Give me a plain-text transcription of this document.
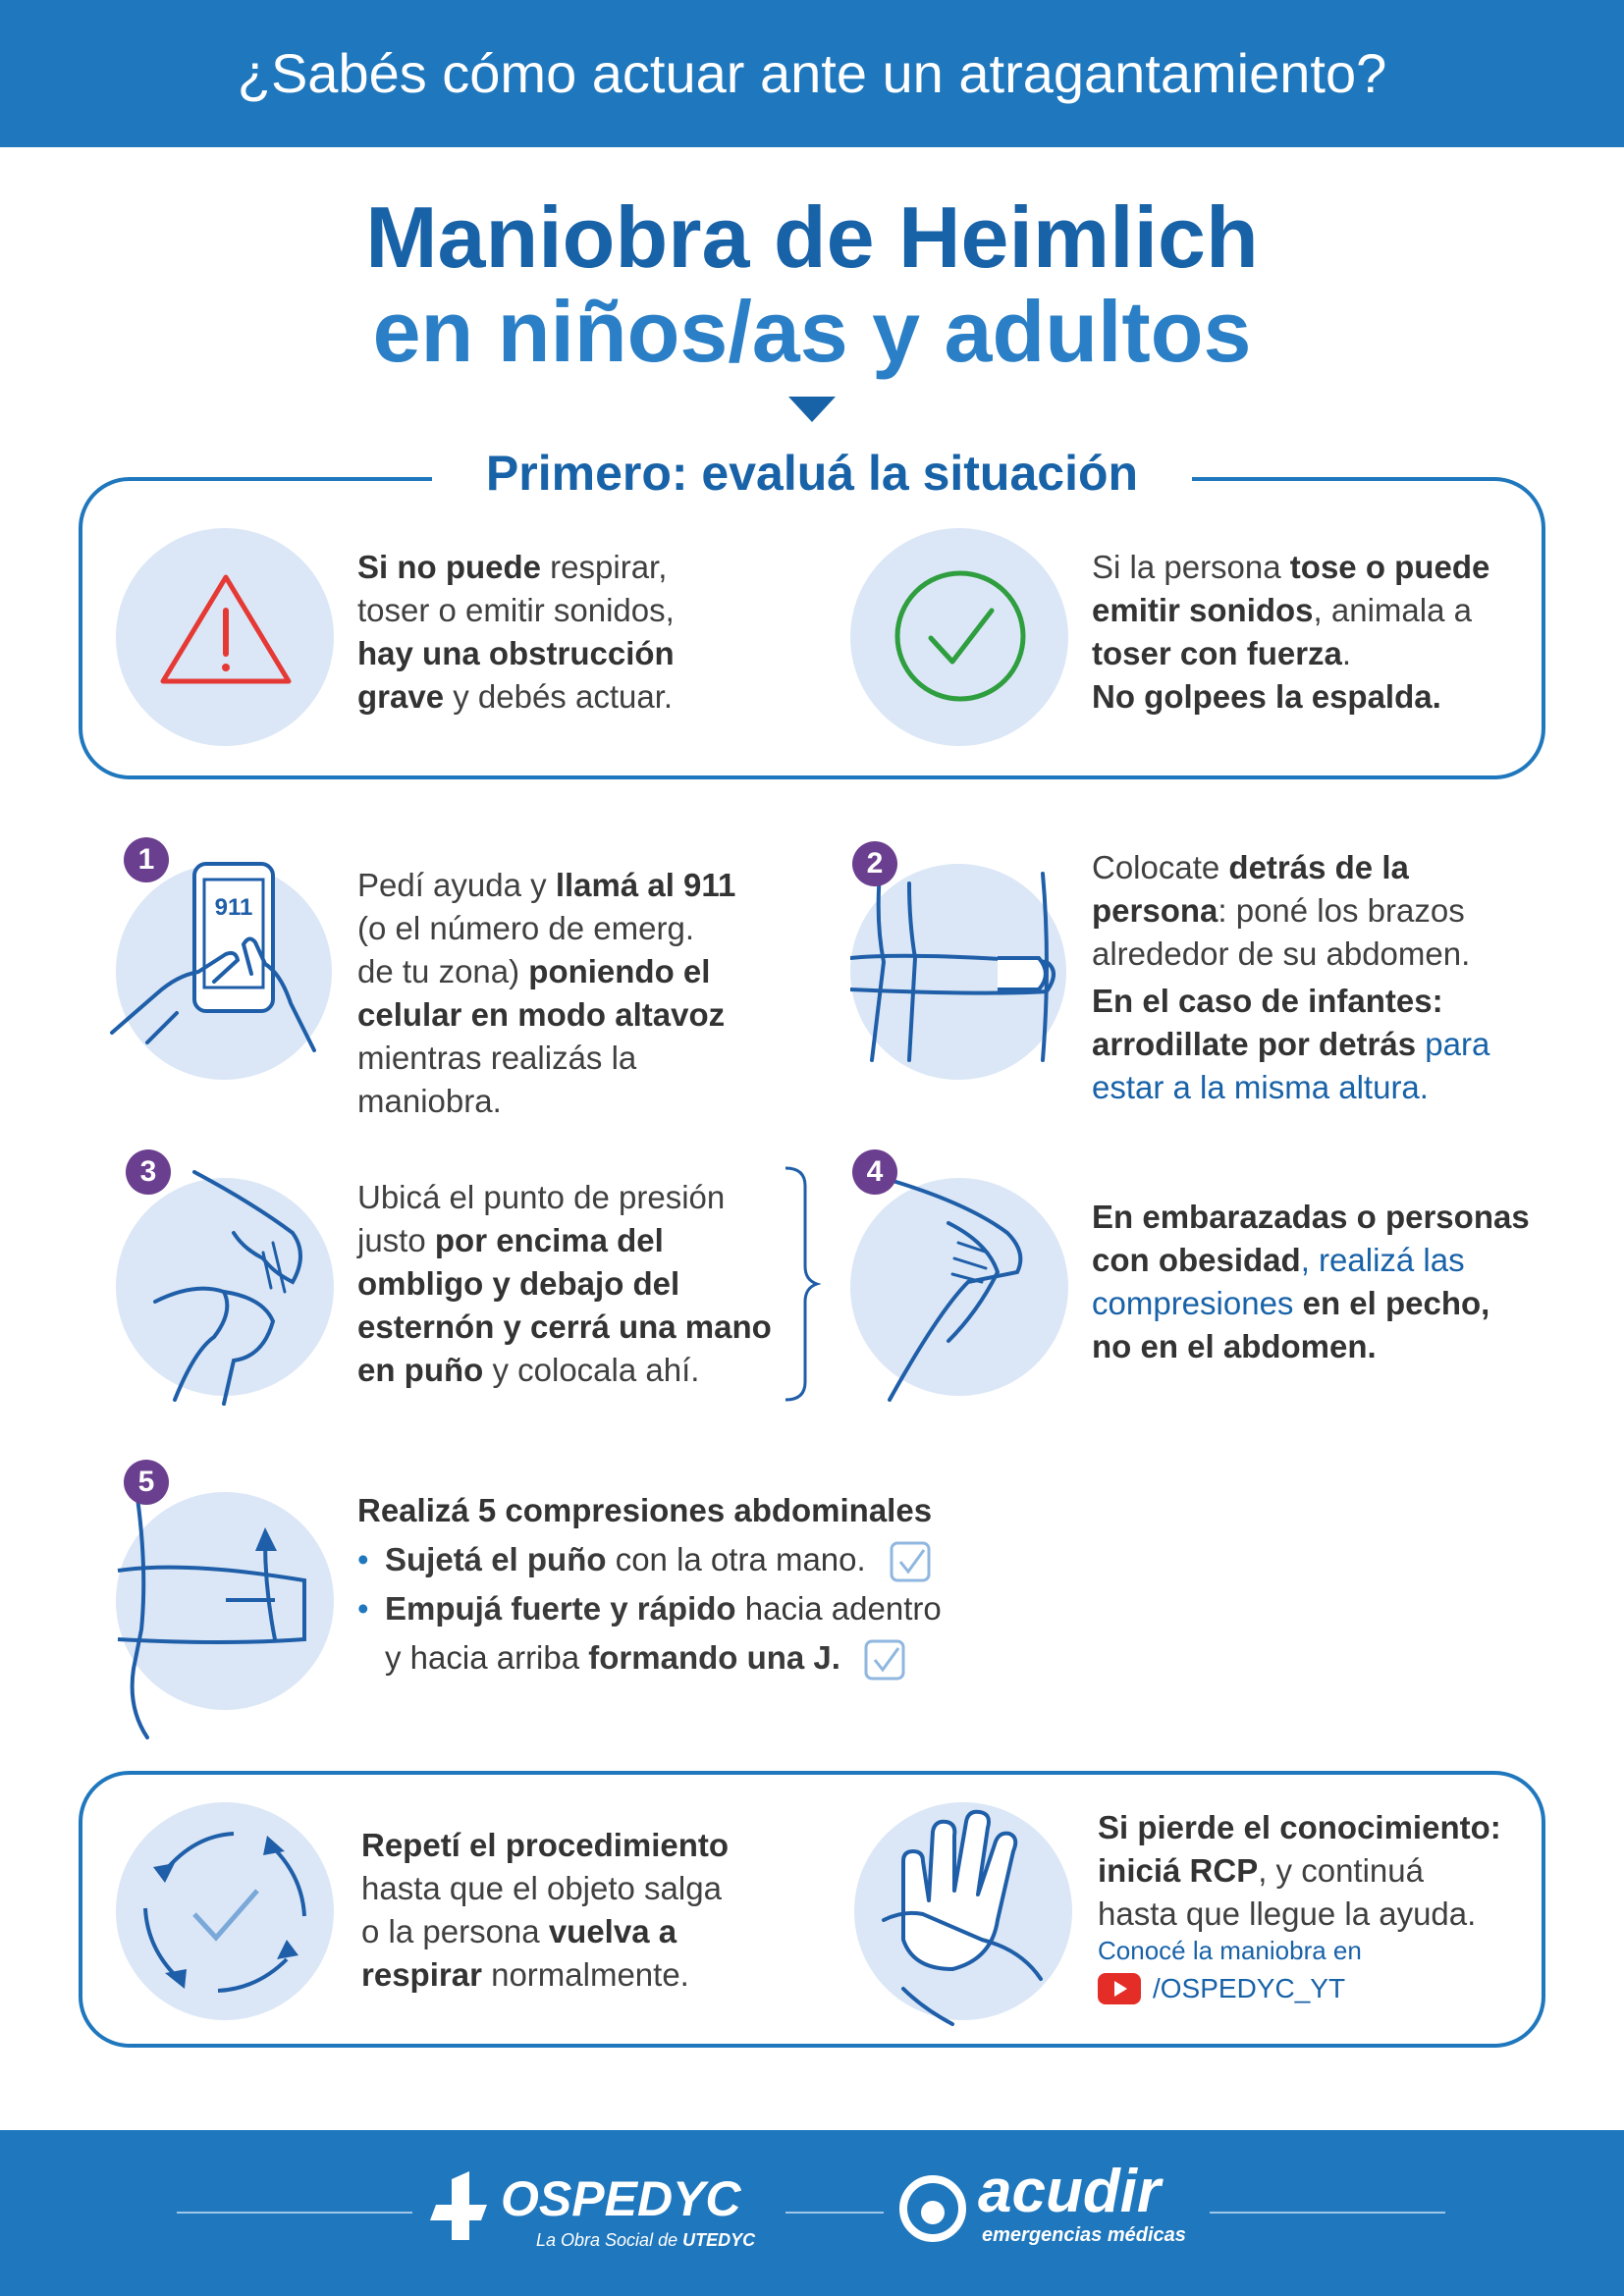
¿Sabés cómo actuar ante un atragantamiento?
Maniobra de Heimlich
en niños/as y adultos
Primero: evaluá la situación
Si no puede respirar,
toser o emitir sonidos,
hay una obstrucción
grave y debés actuar.
Si la persona tose o puede
emitir sonidos, animala a
toser con fuerza.
No golpees la espalda.
911
1
Pedí ayuda y llamá al 911
(o el número de emerg.
de tu zona) poniendo el
celular en modo altavoz
mientras realizás la
maniobra.
2	Colocate detrás de la
persona: poné los brazos
alrededor de su abdomen.
En el caso de infantes:
arrodillate por detrás para
estar a la misma altura.
3
Ubicá el punto de presión
justo por encima del
ombligo y debajo del
esternón y cerrá una mano
en puño y colocala ahí.
4
En embarazadas o personas
con obesidad, realizá las
compresiones en el pecho,
no en el abdomen.
5
Realizá 5 compresiones abdominales
• Sujetá el puño con la otra mano.
• Empujá fuerte y rápido hacia adentro
y hacia arriba formando una J.
Repetí el procedimiento
hasta que el objeto salga
o la persona vuelva a
respirar normalmente.
Si pierde el conocimiento:
iniciá RCP, y continuá
hasta que llegue la ayuda.
Conocé la maniobra en
/OSPEDYC_YT
OSPEDYC
La Obra Social de UTEDYC
acudir
emergencias médicas
